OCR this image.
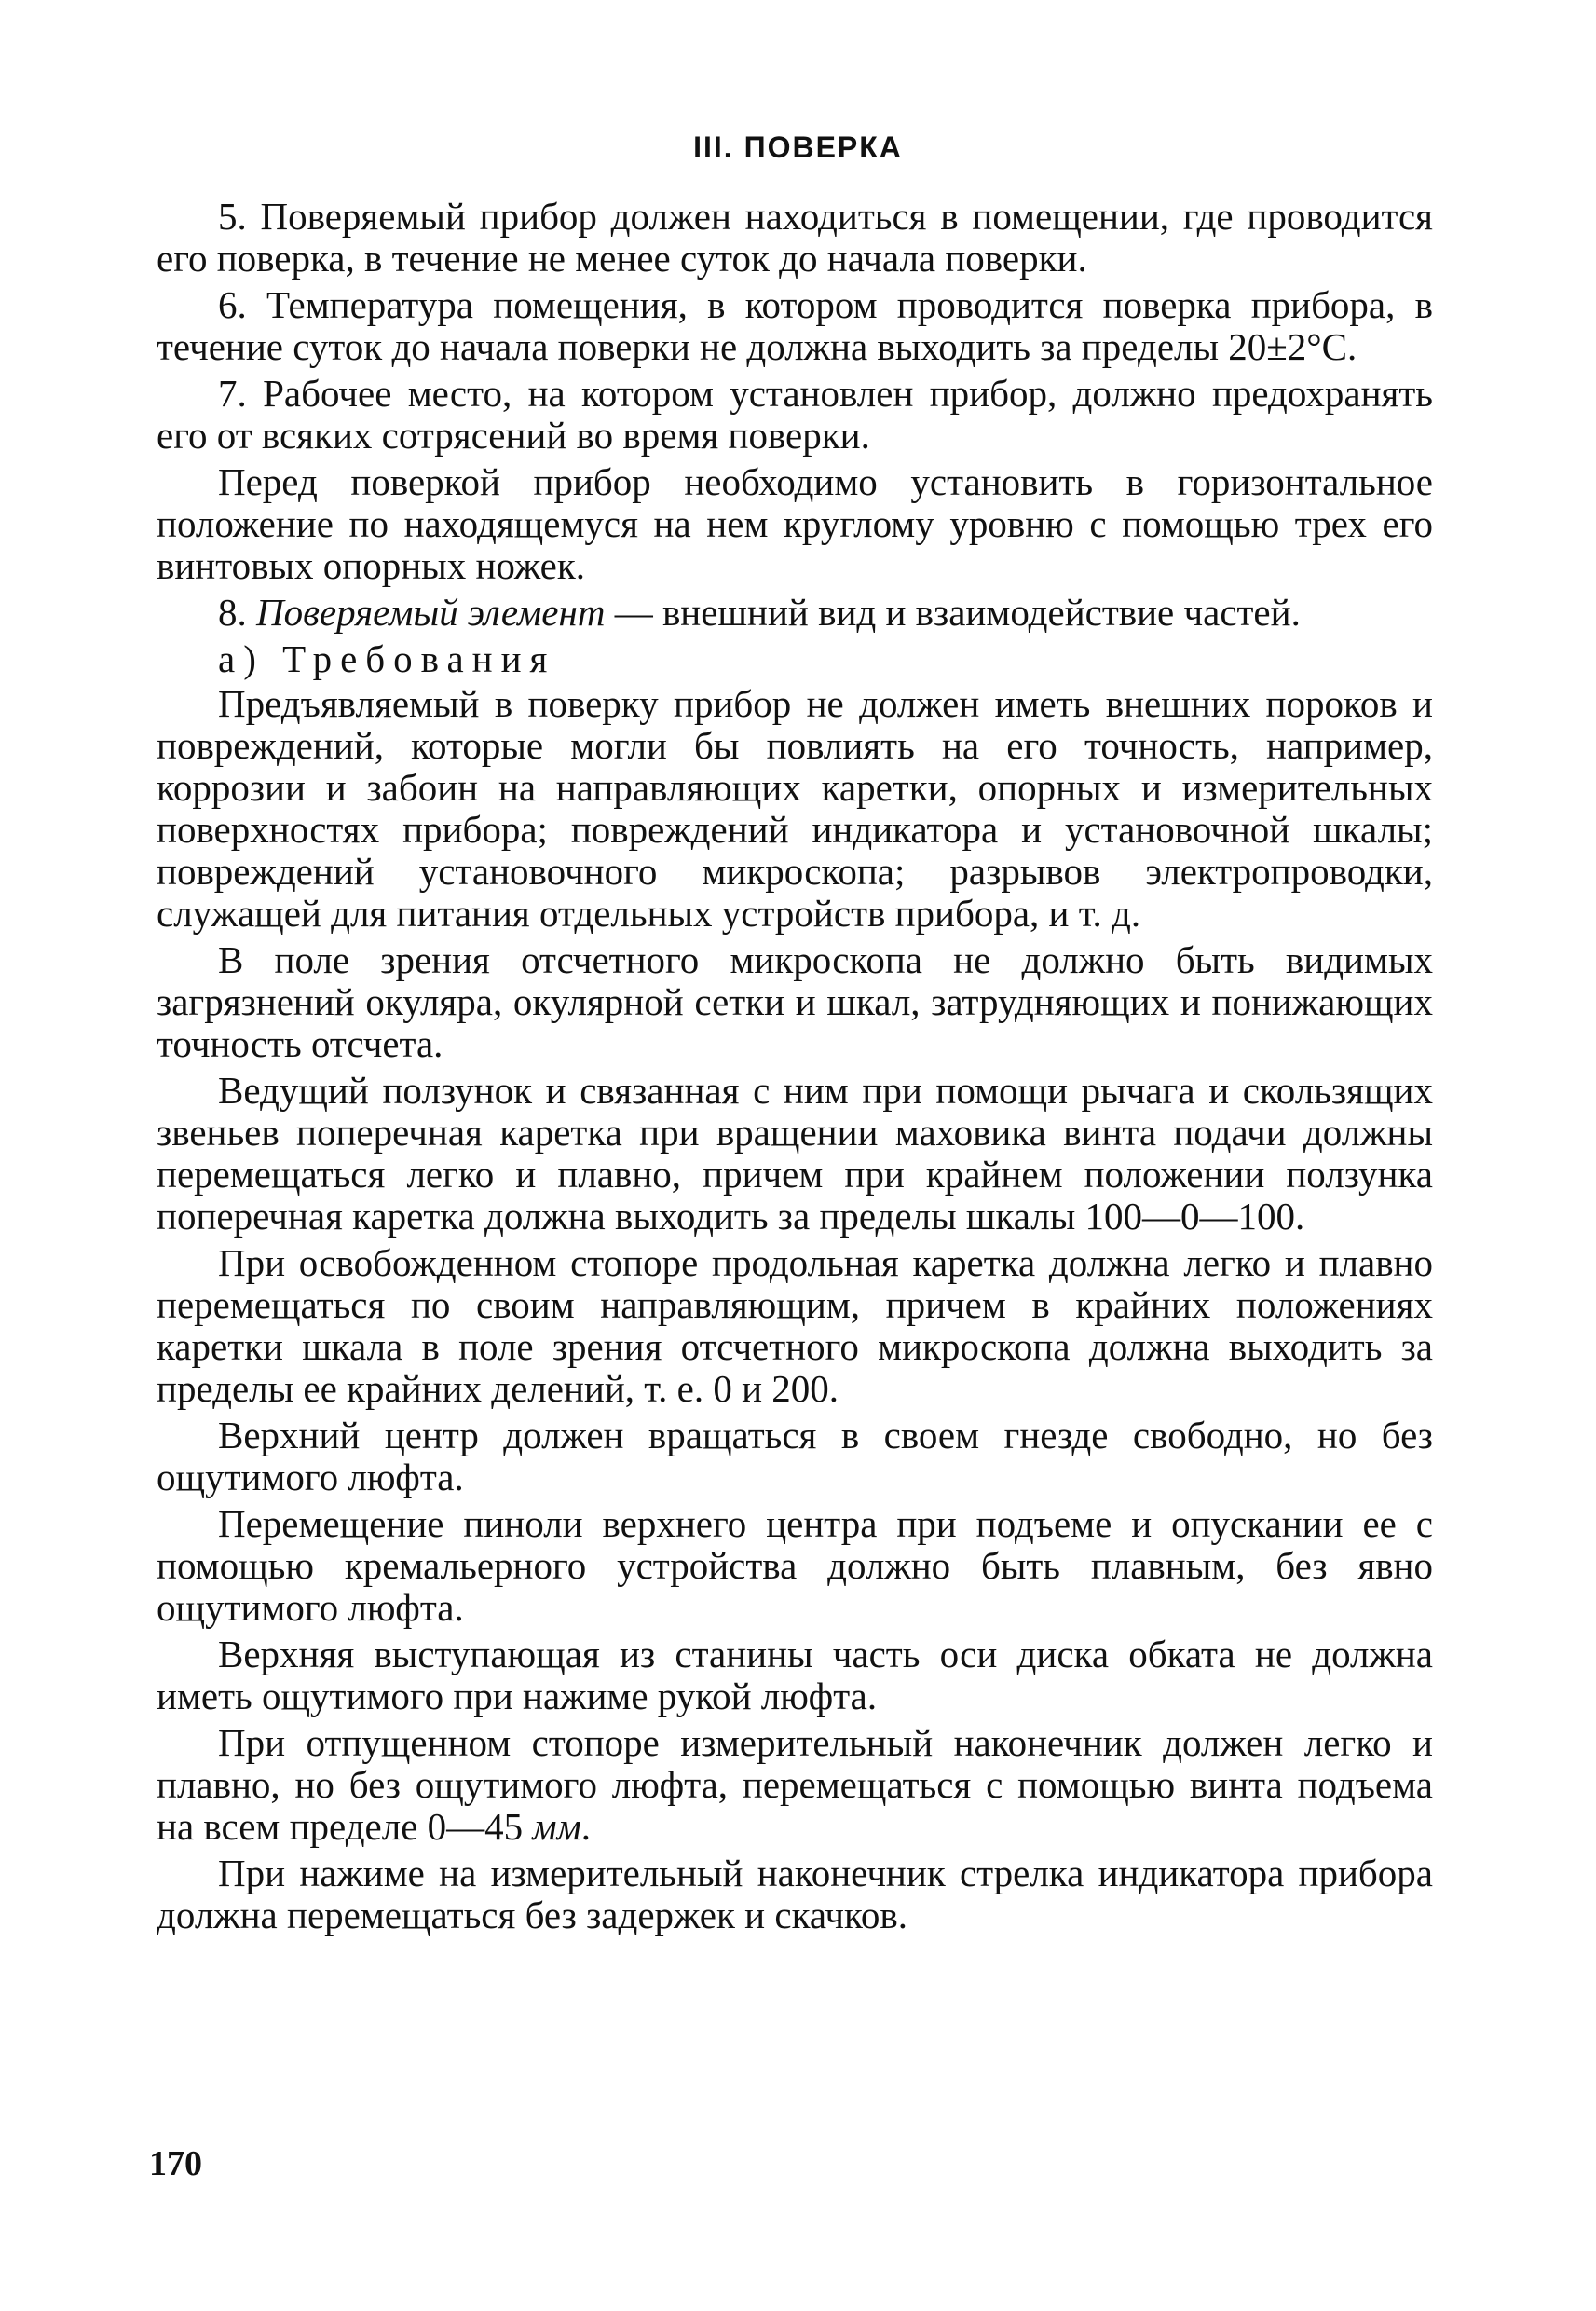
III. ПОВЕРКА

5. Поверяемый прибор должен находиться в помещении, где проводится его поверка, в течение не менее суток до начала поверки.

6. Температура помещения, в котором проводится поверка прибора, в течение суток до начала поверки не должна выходить за пределы 20±2°С.

7. Рабочее место, на котором установлен прибор, должно предохранять его от всяких сотрясений во время поверки.

Перед поверкой прибор необходимо установить в горизонтальное положение по находящемуся на нем круглому уровню с помощью трех его винтовых опорных ножек.

8. Поверяемый элемент — внешний вид и взаимодействие частей.

а) Требования

Предъявляемый в поверку прибор не должен иметь внешних пороков и повреждений, которые могли бы повлиять на его точность, например, коррозии и забоин на направляющих каретки, опорных и измерительных поверхностях прибора; повреждений индикатора и установочной шкалы; повреждений установочного микроскопа; разрывов электропроводки, служащей для питания отдельных устройств прибора, и т. д.

В поле зрения отсчетного микроскопа не должно быть видимых загрязнений окуляра, окулярной сетки и шкал, затрудняющих и понижающих точность отсчета.

Ведущий ползунок и связанная с ним при помощи рычага и скользящих звеньев поперечная каретка при вращении маховика винта подачи должны перемещаться легко и плавно, причем при крайнем положении ползунка поперечная каретка должна выходить за пределы шкалы 100—0—100.

При освобожденном стопоре продольная каретка должна легко и плавно перемещаться по своим направляющим, причем в крайних положениях каретки шкала в поле зрения отсчетного микроскопа должна выходить за пределы ее крайних делений, т. е. 0 и 200.

Верхний центр должен вращаться в своем гнезде свободно, но без ощутимого люфта.

Перемещение пиноли верхнего центра при подъеме и опускании ее с помощью кремальерного устройства должно быть плавным, без явно ощутимого люфта.

Верхняя выступающая из станины часть оси диска обката не должна иметь ощутимого при нажиме рукой люфта.

При отпущенном стопоре измерительный наконечник должен легко и плавно, но без ощутимого люфта, перемещаться с помощью винта подъема на всем пределе 0—45 мм.

При нажиме на измерительный наконечник стрелка индикатора прибора должна перемещаться без задержек и скачков.

170
